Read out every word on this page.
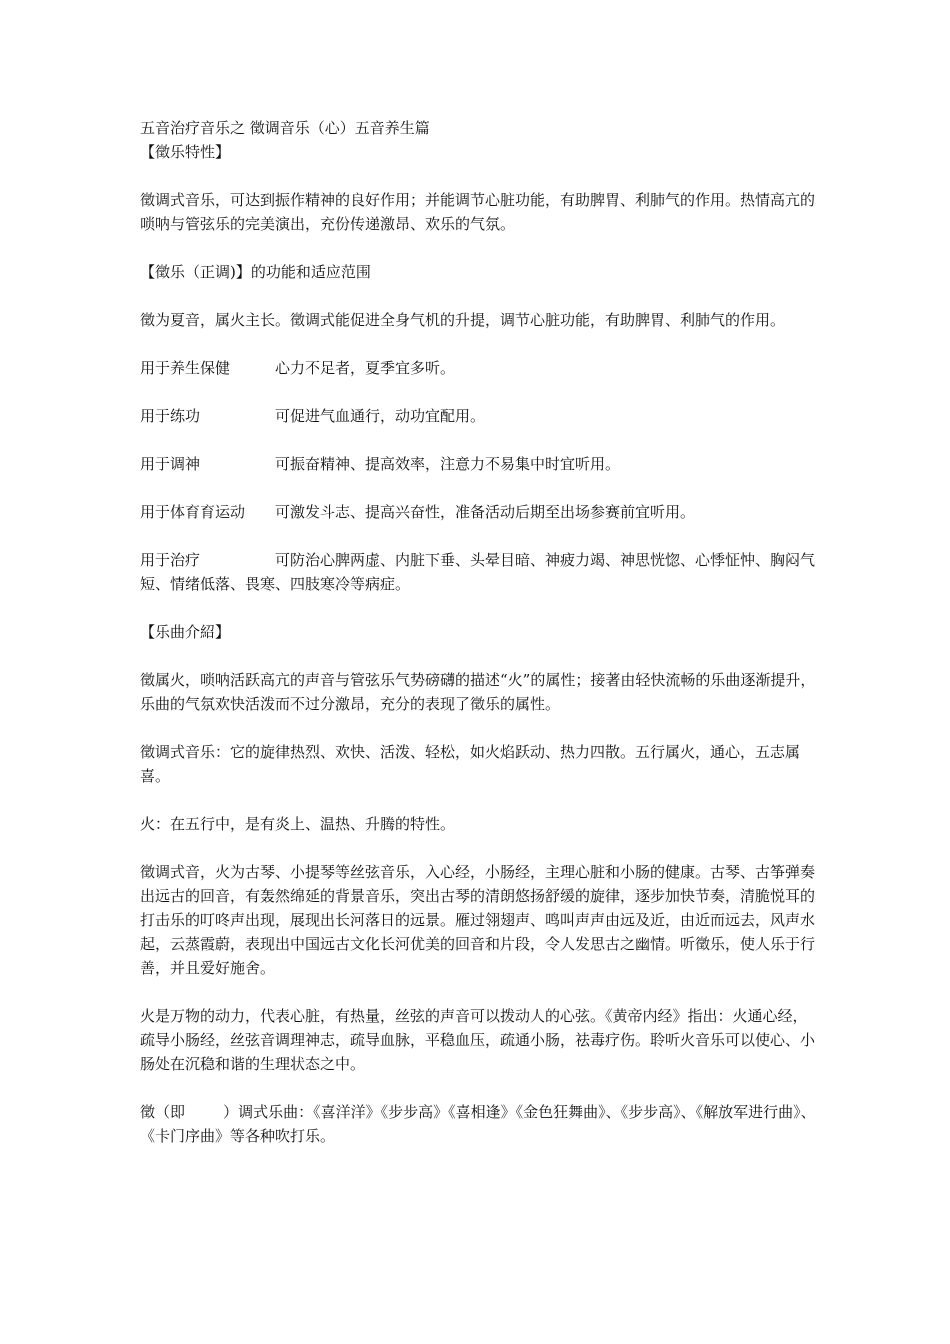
五音治疗音乐之 徵调音乐（心）五音养生篇
【徵乐特性】
徵调式音乐，可达到振作精神的良好作用；并能调节心脏功能，有助脾胃、利肺气的作用。热情高亢的唢呐与管弦乐的完美演出，充份传递激昂、欢乐的气氛。
【徵乐（正调)】的功能和适应范围
徵为夏音，属火主长。徵调式能促进全身气机的升提，调节心脏功能，有助脾胃、利肺气的作用。
用于养生保健	心力不足者，夏季宜多听。
用于练功	可促进气血通行，动功宜配用。
用于调神	可振奋精神、提高效率，注意力不易集中时宜听用。
用于体育育运动	可激发斗志、提高兴奋性，准备活动后期至出场参赛前宜听用。
用于治疗	可防治心脾两虚、内脏下垂、头晕目暗、神疲力竭、神思恍惚、心悸怔忡、胸闷气短、情绪低落、畏寒、四肢寒冷等病症。
【乐曲介紹】
徵属火，唢呐活跃高亢的声音与管弦乐气势磅礴的描述“火”的属性；接著由轻快流畅的乐曲逐渐提升，乐曲的气氛欢快活泼而不过分激昂，充分的表现了徵乐的属性。
徵调式音乐：它的旋律热烈、欢快、活泼、轻松，如火焰跃动、热力四散。五行属火，通心，五志属喜。
火：在五行中，是有炎上、温热、升腾的特性。
徵调式音，火为古琴、小提琴等丝弦音乐，入心经，小肠经，主理心脏和小肠的健康。古琴、古筝弹奏出远古的回音，有轰然绵延的背景音乐，突出古琴的清朗悠扬舒缓的旋律，逐步加快节奏，清脆悦耳的打击乐的叮咚声出现，展现出长河落日的远景。雁过翎翅声、鸣叫声声由远及近，由近而远去，风声水起，云蒸霞蔚，表现出中国远古文化长河优美的回音和片段，令人发思古之幽情。听徵乐，使人乐于行善，并且爱好施舍。
火是万物的动力，代表心脏，有热量，丝弦的声音可以拨动人的心弦。《黄帝内经》指出：火通心经，疏导小肠经，丝弦音调理神志，疏导血脉，平稳血压，疏通小肠，祛毒疗伤。聆听火音乐可以使心、小肠处在沉稳和谐的生理状态之中。
徵（即        ）调式乐曲：《喜洋洋》《步步高》《喜相逢》《金色狂舞曲》、《步步高》、《解放军进行曲》、《卡门序曲》等各种吹打乐。
